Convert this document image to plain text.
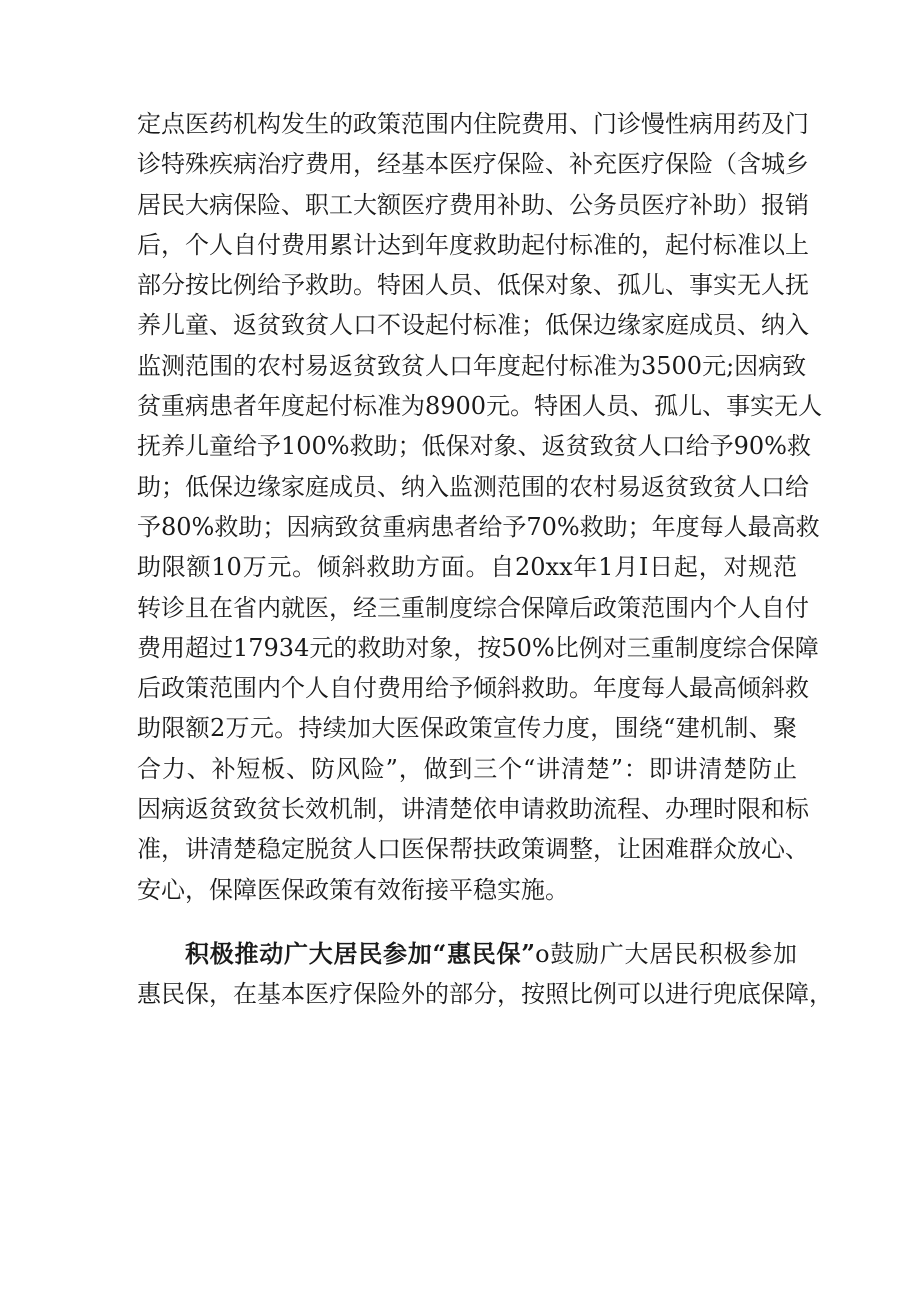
定点医药机构发生的政策范围内住院费用、门诊慢性病用药及门
诊特殊疾病治疗费用，经基本医疗保险、补充医疗保险（含城乡
居民大病保险、职工大额医疗费用补助、公务员医疗补助）报销
后，个人自付费用累计达到年度救助起付标准的，起付标准以上
部分按比例给予救助。特困人员、低保对象、孤儿、事实无人抚
养儿童、返贫致贫人口不设起付标准；低保边缘家庭成员、纳入
监测范围的农村易返贫致贫人口年度起付标准为3500元;因病致
贫重病患者年度起付标准为8900元。特困人员、孤儿、事实无人
抚养儿童给予100%救助；低保对象、返贫致贫人口给予90%救
助；低保边缘家庭成员、纳入监测范围的农村易返贫致贫人口给
予80%救助；因病致贫重病患者给予70%救助；年度每人最高救
助限额10万元。倾斜救助方面。自20xx年1月I日起，对规范
转诊且在省内就医，经三重制度综合保障后政策范围内个人自付
费用超过17934元的救助对象，按50%比例对三重制度综合保障
后政策范围内个人自付费用给予倾斜救助。年度每人最高倾斜救
助限额2万元。持续加大医保政策宣传力度，围绕“建机制、聚
合力、补短板、防风险”，做到三个“讲清楚”：即讲清楚防止
因病返贫致贫长效机制，讲清楚依申请救助流程、办理时限和标
准，讲清楚稳定脱贫人口医保帮扶政策调整，让困难群众放心、
安心，保障医保政策有效衔接平稳实施。
积极推动广大居民参加“惠民保”o鼓励广大居民积极参加
惠民保，在基本医疗保险外的部分，按照比例可以进行兜底保障，
